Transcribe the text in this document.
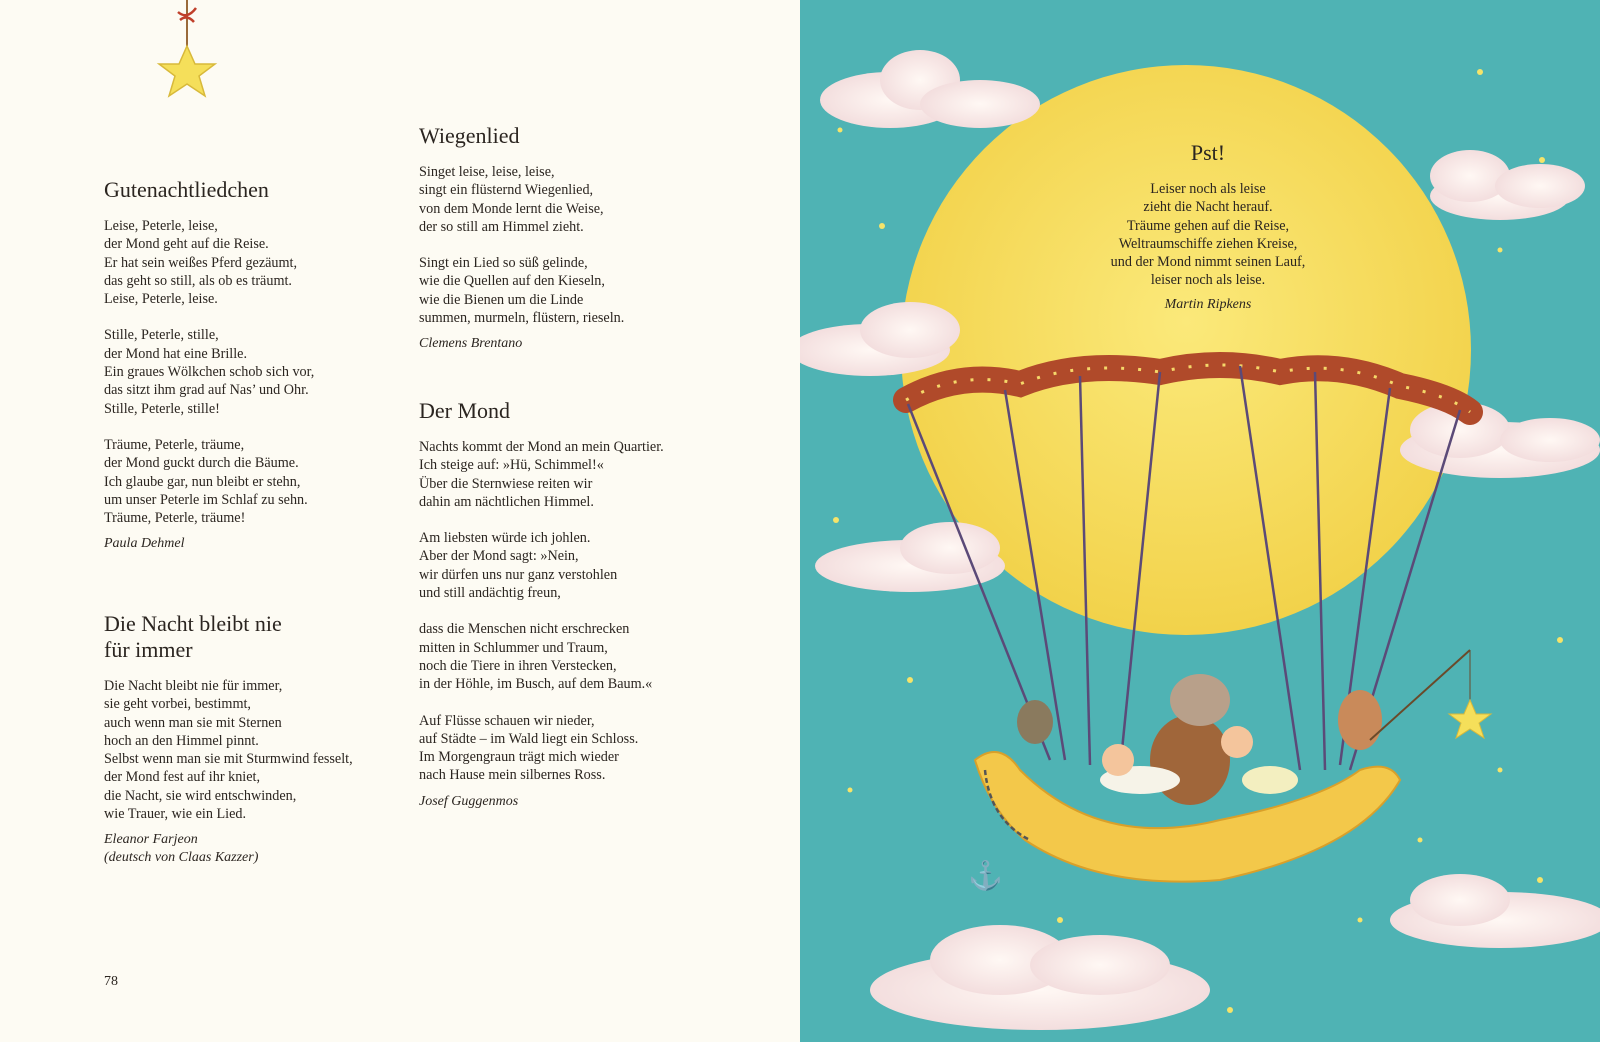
Gutenachtliedchen
Leise, Peterle, leise,
der Mond geht auf die Reise.
Er hat sein weißes Pferd gezäumt,
das geht so still, als ob es träumt.
Leise, Peterle, leise.
Stille, Peterle, stille,
der Mond hat eine Brille.
Ein graues Wölkchen schob sich vor,
das sitzt ihm grad auf Nas’ und Ohr.
Stille, Peterle, stille!
Träume, Peterle, träume,
der Mond guckt durch die Bäume.
Ich glaube gar, nun bleibt er stehn,
um unser Peterle im Schlaf zu sehn.
Träume, Peterle, träume!
Paula Dehmel
Die Nacht bleibt nie
für immer
Die Nacht bleibt nie für immer,
sie geht vorbei, bestimmt,
auch wenn man sie mit Sternen
hoch an den Himmel pinnt.
Selbst wenn man sie mit Sturmwind fesselt,
der Mond fest auf ihr kniet,
die Nacht, sie wird entschwinden,
wie Trauer, wie ein Lied.
Eleanor Farjeon
(deutsch von Claas Kazzer)
Wiegenlied
Singet leise, leise, leise,
singt ein flüsternd Wiegenlied,
von dem Monde lernt die Weise,
der so still am Himmel zieht.
Singt ein Lied so süß gelinde,
wie die Quellen auf den Kieseln,
wie die Bienen um die Linde
summen, murmeln, flüstern, rieseln.
Clemens Brentano
Der Mond
Nachts kommt der Mond an mein Quartier.
Ich steige auf: »Hü, Schimmel!«
Über die Sternwiese reiten wir
dahin am nächtlichen Himmel.
Am liebsten würde ich johlen.
Aber der Mond sagt: »Nein,
wir dürfen uns nur ganz verstohlen
und still andächtig freun,
dass die Menschen nicht erschrecken
mitten in Schlummer und Traum,
noch die Tiere in ihren Verstecken,
in der Höhle, im Busch, auf dem Baum.«
Auf Flüsse schauen wir nieder,
auf Städte – im Wald liegt ein Schloss.
Im Morgengraun trägt mich wieder
nach Hause mein silbernes Ross.
Josef Guggenmos
78
⚓
Pst!
Leiser noch als leise
zieht die Nacht herauf.
Träume gehen auf die Reise,
Weltraumschiffe ziehen Kreise,
und der Mond nimmt seinen Lauf,
leiser noch als leise.
Martin Ripkens
